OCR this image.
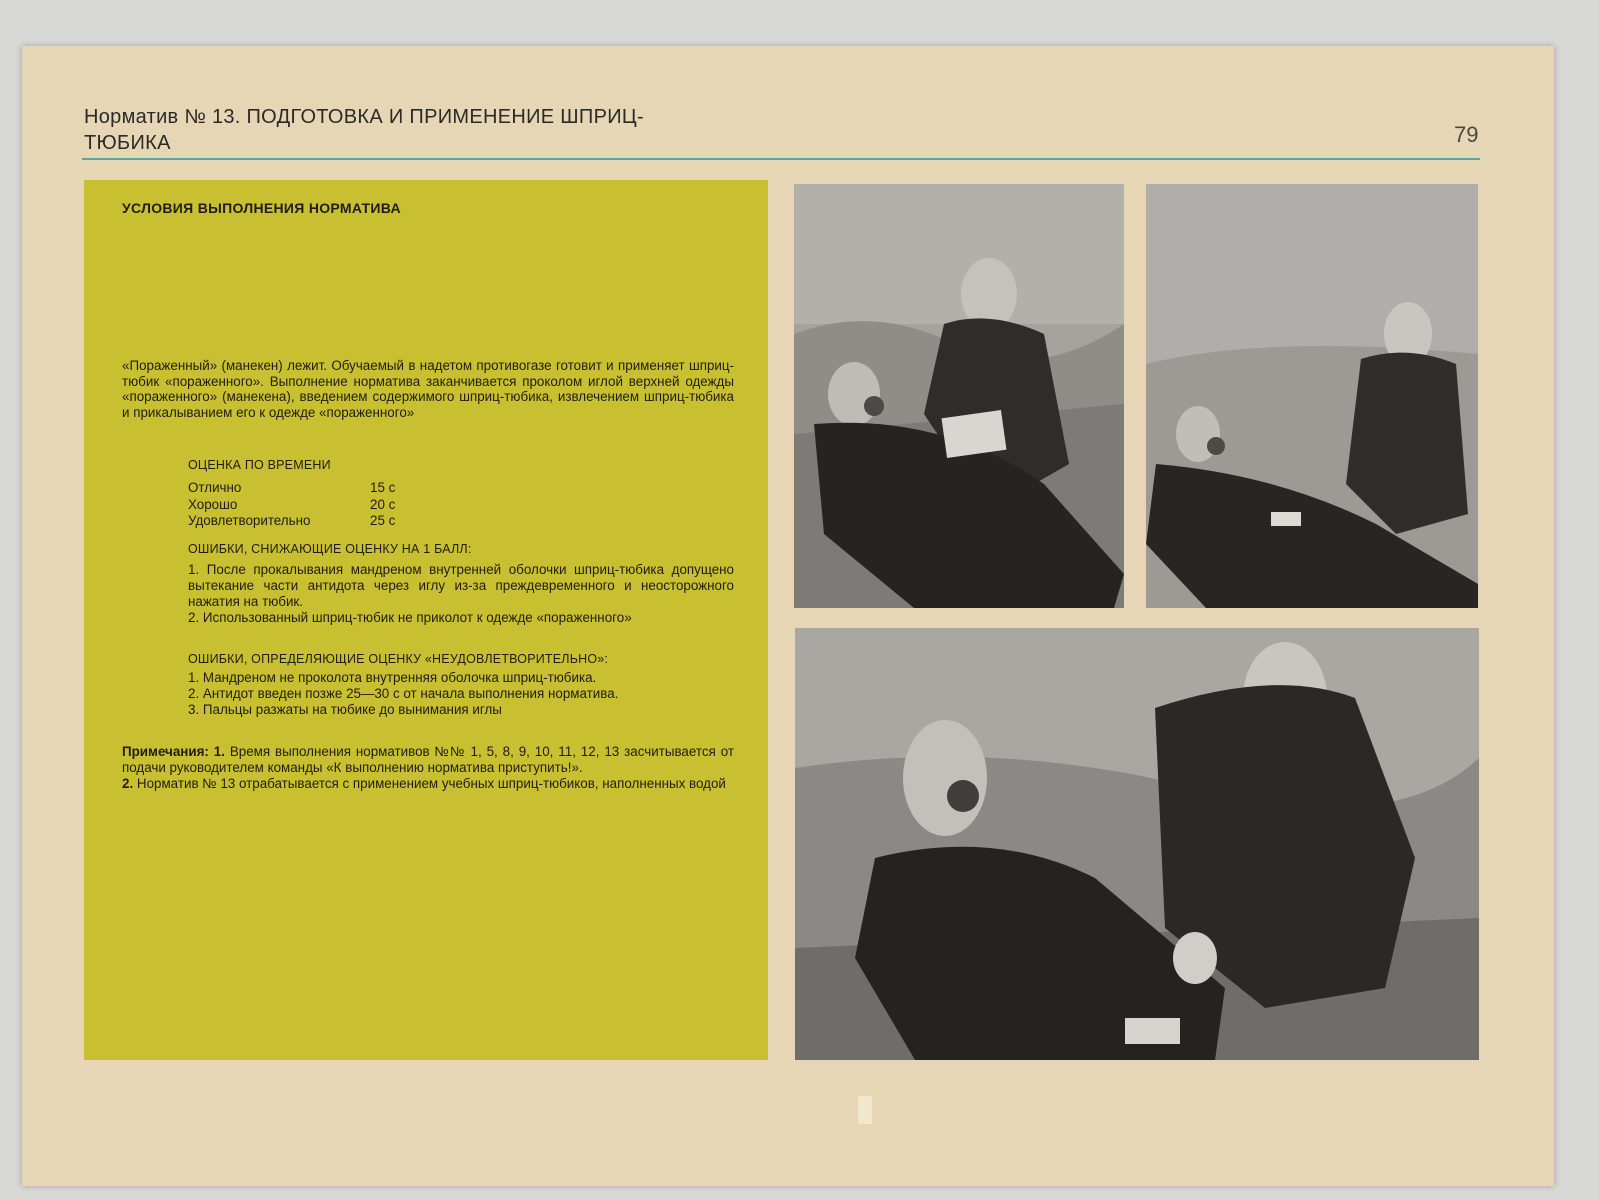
Норматив № 13. ПОДГОТОВКА И ПРИМЕНЕНИЕ ШПРИЦ-
ТЮБИКА	79
УСЛОВИЯ ВЫПОЛНЕНИЯ НОРМАТИВА
«Пораженный» (манекен) лежит. Обучаемый в надетом противогазе готовит и применяет шприц-тюбик «пораженного». Выполнение норматива заканчивается проколом иглой верхней одежды «пораженного» (манекена), введением содержимого шприц-тюбика, извлечением шприц-тюбика и прикалыванием его к одежде «пораженного»
ОЦЕНКА ПО ВРЕМЕНИ
Отлично	15 с
Хорошо	20 с
Удовлетворительно	25 с
ОШИБКИ, СНИЖАЮЩИЕ ОЦЕНКУ НА 1 БАЛЛ:
1. После прокалывания мандреном внутренней оболочки шприц-тюбика допущено вытекание части антидота через иглу из-за преждевременного и неосторожного нажатия на тюбик.
2. Использованный шприц-тюбик не приколот к одежде «пораженного»
ОШИБКИ, ОПРЕДЕЛЯЮЩИЕ ОЦЕНКУ «НЕУДОВЛЕТВОРИТЕЛЬНО»:
1. Мандреном не проколота внутренняя оболочка шприц-тюбика.
2. Антидот введен позже 25—30 с от начала выполнения норматива.
3. Пальцы разжаты на тюбике до вынимания иглы
Примечания: 1. Время выполнения нормативов №№ 1, 5, 8, 9, 10, 11, 12, 13 засчитывается от подачи руководителем команды «К выполнению норматива приступить!».
2. Норматив № 13 отрабатывается с применением учебных шприц-тюбиков, наполненных водой
